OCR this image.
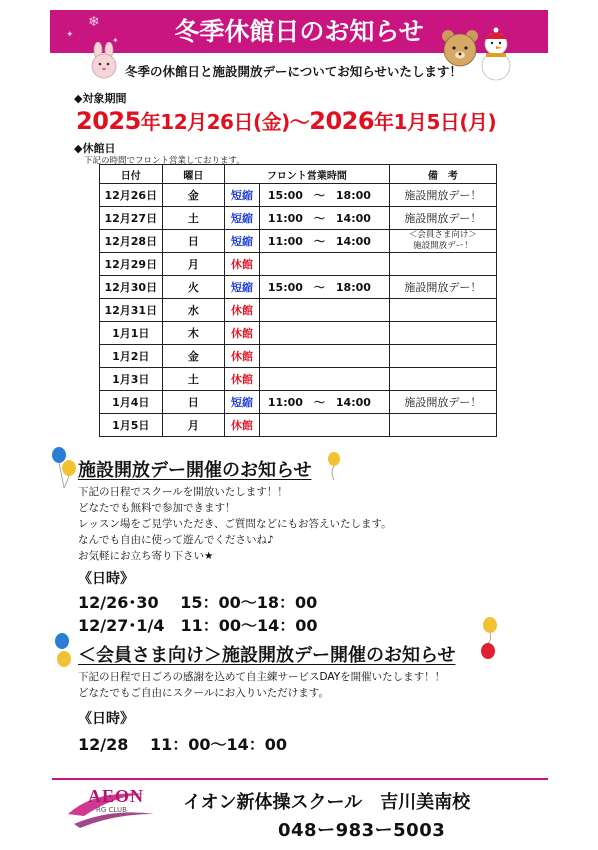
冬季休館日のお知らせ
❄
✦
✦
冬季の休館日と施設開放デーについてお知らせいたします！
◆対象期間
2025年12月26日(金)～2026年1月5日(月)
◆休館日
下記の時間でフロント営業しております。
日付	曜日	フロント営業時間		備　考
12月26日	金	短縮	15:00　～　18:00	施設開放デー！
12月27日	土	短縮	11:00　～　14:00	施設開放デー！
12月28日	日	短縮	11:00　～　14:00	＜会員さま向け＞
施設開放デー！

12月29日	月	休館		
12月30日	火	短縮	15:00　～　18:00	施設開放デー！
12月31日	水	休館		
1月1日	木	休館		
1月2日	金	休館		
1月3日	土	休館		
1月4日	日	短縮	11:00　～　14:00	施設開放デー！
1月5日	月	休館		
施設開放デー開催のお知らせ
下記の日程でスクールを開放いたします！！
どなたでも無料で参加できます！
レッスン場をご見学いただき、ご質問などにもお答えいたします。
なんでも自由に使って遊んでくださいね♪
お気軽にお立ち寄り下さい★
《日時》
12/26･30　 15：00～18：00
12/27･1/4　11：00～14：00
＜会員さま向け＞施設開放デー開催のお知らせ
下記の日程で日ごろの感謝を込めて自主練サービスDAYを開催いたします！！
どなたでもご自由にスクールにお入りいただけます。
《日時》
12/28　 11：00～14：00
AEON
RG CLUB	イオン新体操スクール　吉川美南校
048ー983ー5003
